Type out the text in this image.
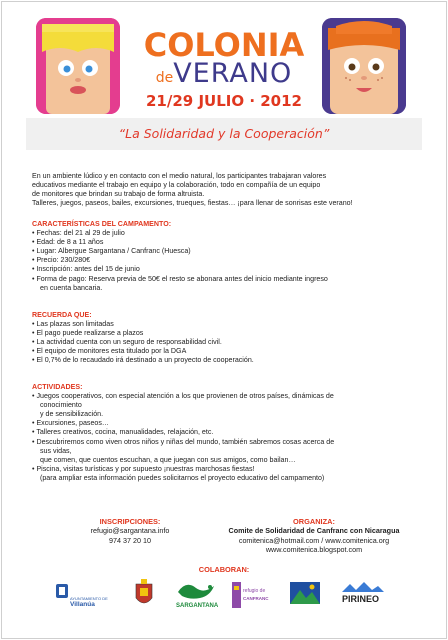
COLONIA
deVERANO
21/29 JULIO · 2012
“La Solidaridad y la Cooperación”
En un ambiente lúdico y en contacto con el medio natural, los participantes trabajaran valores
educativos mediante el trabajo en equipo y la colaboración, todo en compañía de un equipo
de monitores que brindan su trabajo de forma altruista.
Talleres, juegos, paseos, bailes, excursiones, trueques, fiestas… ¡para llenar de sonrisas este verano!
CARACTERÍSTICAS DEL CAMPAMENTO:
• Fechas: del 21 al 29 de julio
• Edad: de 8 a 11 años
• Lugar: Albergue Sargantana / Canfranc (Huesca)
• Precio: 230/280€
• Inscripción: antes del 15 de junio
• Forma de pago: Reserva previa de 50€ el resto se abonara antes del inicio mediante ingreso
en cuenta bancaria.
RECUERDA QUE:
• Las plazas son limitadas
• El pago puede realizarse a plazos
• La actividad cuenta con un seguro de responsabilidad civil.
• El equipo de monitores esta titulado por la DGA
• El 0,7% de lo recaudado irá destinado a un proyecto de cooperación.
ACTIVIDADES:
• Juegos cooperativos, con especial atención a los que provienen de otros países, dinámicas de
conocimiento
y de sensibilización.
• Excursiones, paseos…
• Talleres creativos, cocina, manualidades, relajación, etc.
• Descubriremos como viven otros niños y niñas del mundo, también sabremos cosas acerca de
sus vidas,
que comen, que cuentos escuchan, a que juegan con sus amigos, como bailan…
• Piscina, visitas turísticas y por supuesto ¡nuestras marchosas fiestas!
(para ampliar esta información puedes solicitarnos el proyecto educativo del campamento)
INSCRIPCIONES:
refugio@sargantana.info
974 37 20 10
ORGANIZA:
Comite de Solidaridad de Canfranc con Nicaragua
comitenica@hotmail.com / www.comitenica.org
www.comitenica.blogspot.com
COLABORAN:
AYUNTAMIENTO DE
Villanúa	SARGANTANA
refugio de
CANFRANC	PIRINEO
